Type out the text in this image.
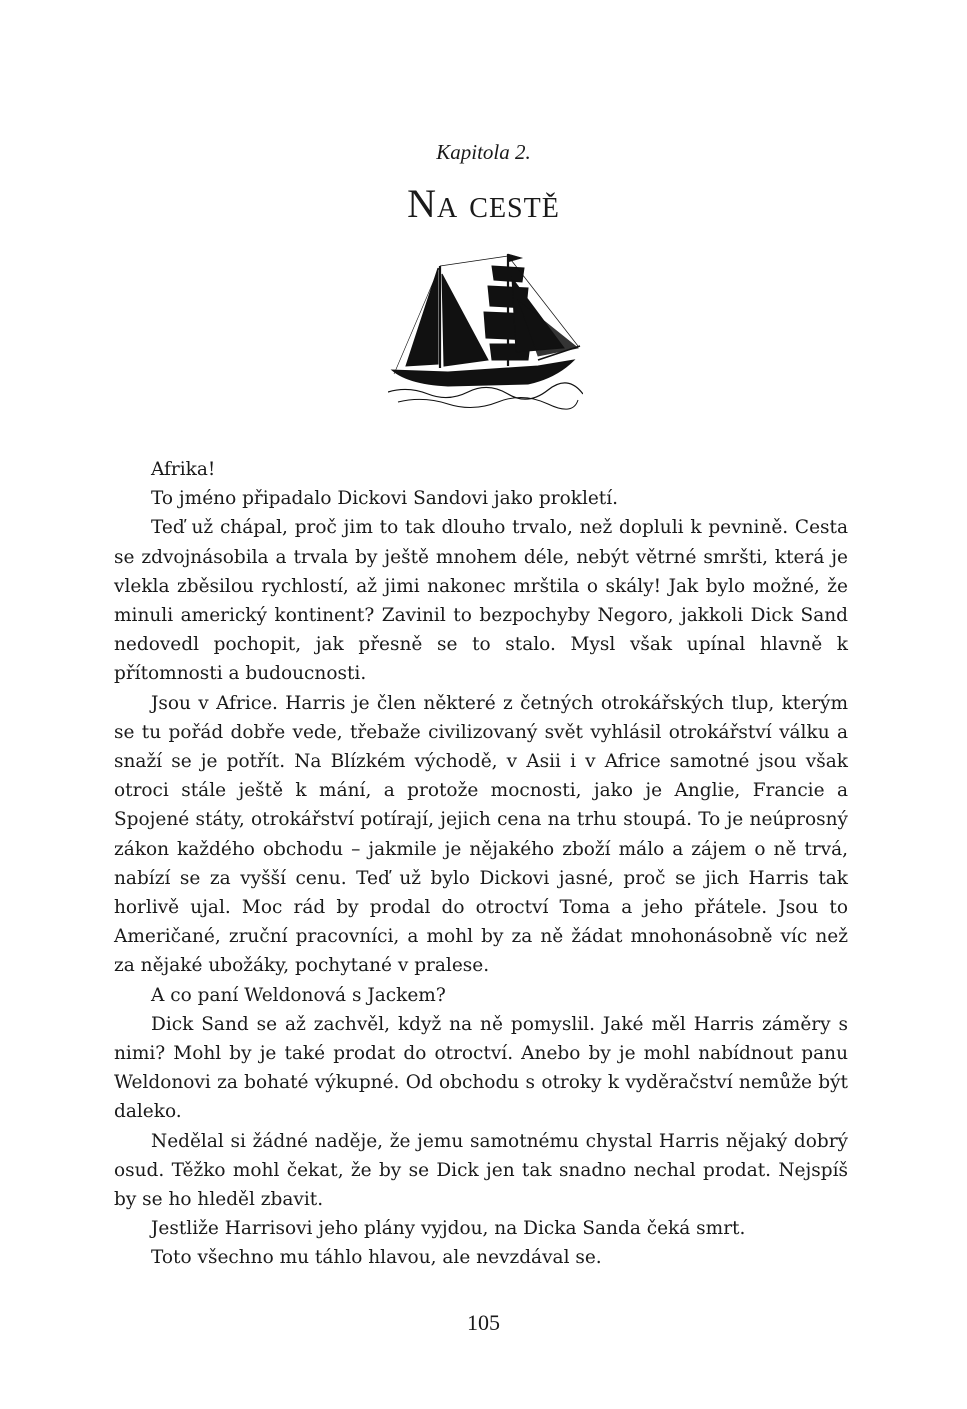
Kapitola 2.
Na cestě

Afrika!

To jméno připadalo Dickovi Sandovi jako prokletí.

Teď už chápal, proč jim to tak dlouho trvalo, než dopluli k pevnině. Cesta se zdvojnásobila a trvala by ještě mnohem déle, nebýt větrné smršti, která je vlekla zběsilou rychlostí, až jimi nakonec mrštila o skály! Jak bylo možné, že minuli americký kontinent? Zavinil to bezpochyby Negoro, jakkoli Dick Sand nedovedl pochopit, jak přesně se to stalo. Mysl však upínal hlavně k přítomnosti a budoucnosti.

Jsou v Africe. Harris je člen některé z četných otrokářských tlup, kterým se tu pořád dobře vede, třebaže civilizovaný svět vyhlásil otrokářství válku a snaží se je potřít. Na Blízkém východě, v Asii i v Africe samotné jsou však otroci stále ještě k mání, a protože mocnosti, jako je Anglie, Francie a Spojené státy, otrokářství potírají, jejich cena na trhu stoupá. To je neúprosný zákon každého obchodu – jakmile je nějakého zboží málo a zájem o ně trvá, nabízí se za vyšší cenu. Teď už bylo Dickovi jasné, proč se jich Harris tak horlivě ujal. Moc rád by prodal do otroctví Toma a jeho přátele. Jsou to Američané, zruční pracovníci, a mohl by za ně žádat mnohonásobně víc než za nějaké ubožáky, pochytané v pralese.

A co paní Weldonová s Jackem?

Dick Sand se až zachvěl, když na ně pomyslil. Jaké měl Harris záměry s nimi? Mohl by je také prodat do otroctví. Anebo by je mohl nabídnout panu Weldonovi za bohaté výkupné. Od obchodu s otroky k vyděračství nemůže být daleko.

Nedělal si žádné naděje, že jemu samotnému chystal Harris nějaký dobrý osud. Těžko mohl čekat, že by se Dick jen tak snadno nechal prodat. Nejspíš by se ho hleděl zbavit.

Jestliže Harrisovi jeho plány vyjdou, na Dicka Sanda čeká smrt.

Toto všechno mu táhlo hlavou, ale nevzdával se.

105
